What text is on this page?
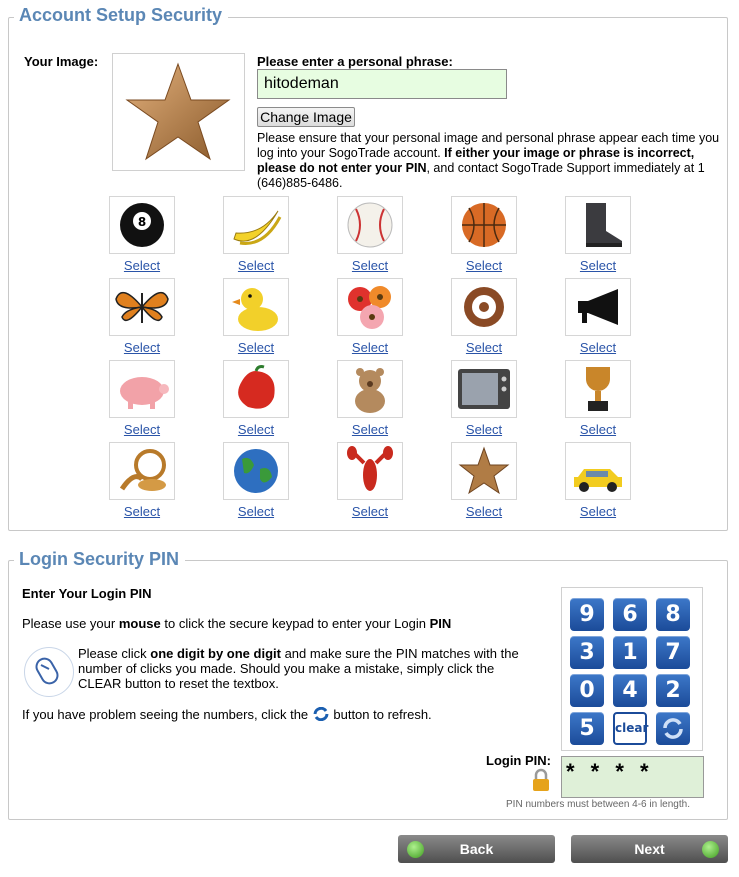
Account Setup Security
Your Image:	Please enter a personal phrase:
hitodeman
Change Image
Please ensure that your personal image and personal phrase appear each time you log into your SogoTrade account. If either your image or phrase is incorrect, please do not enter your PIN, and contact SogoTrade Support immediately at 1 (646)885-6486.
8
Select	Select	Select	Select	Select
Select	Select	Select	Select	Select
Select	Select	Select	Select	Select
Select	Select	Select	Select	Select
Login Security PIN
Enter Your Login PIN
Please use your mouse to click the secure keypad to enter your Login PIN
Please click one digit by one digit and make sure the PIN matches with the number of clicks you made. Should you make a mistake, simply click the CLEAR button to reset the textbox.
If you have problem seeing the numbers, click the  button to refresh.
9	6	8
3	1	7
0	4	2
5	clear
Login PIN: * * * *
PIN numbers must between 4-6 in length.
Back	Next
